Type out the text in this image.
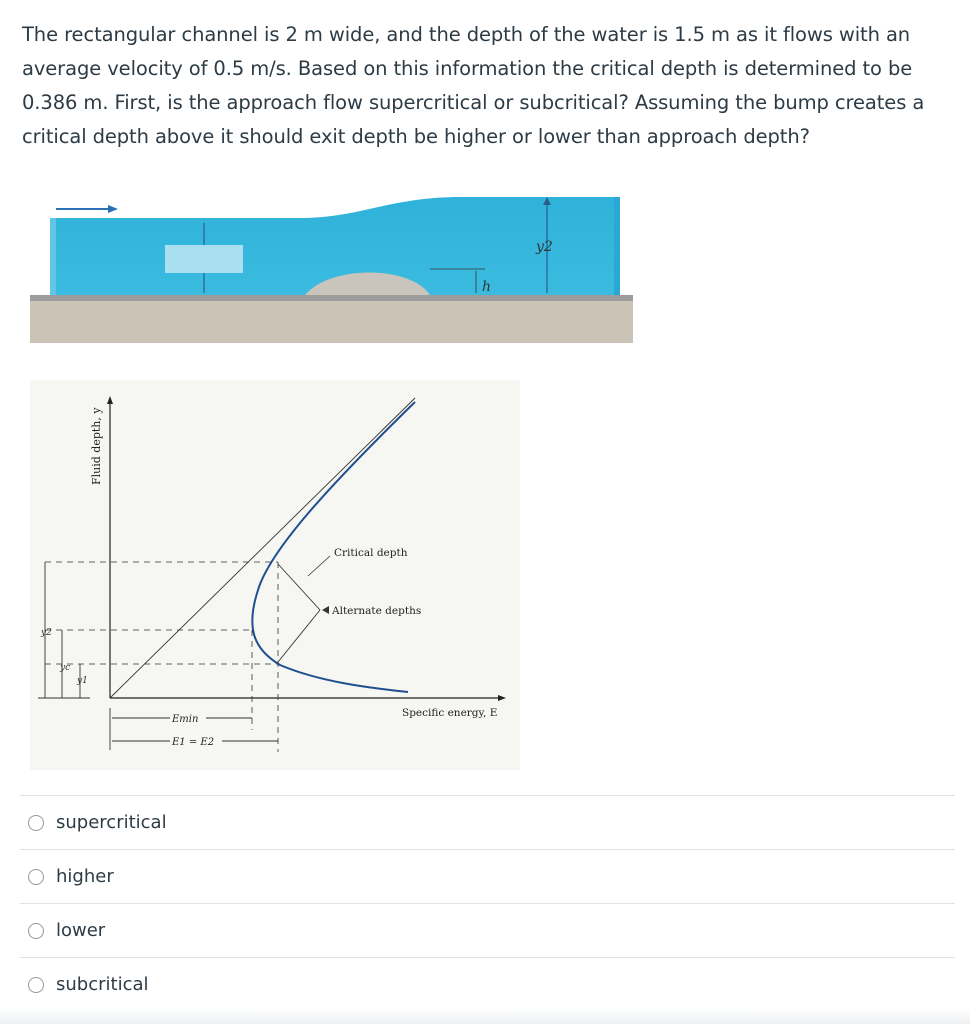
The rectangular channel is 2 m wide, and the depth of the water is 1.5 m as it flows with an average velocity of 0.5 m/s. Based on this information the critical depth is determined to be 0.386 m. First, is the approach flow supercritical or subcritical? Assuming the bump creates a critical depth above it should exit depth be higher or lower than approach depth?
h
y2
Fluid depth, y
Specific energy, E
Critical depth
Alternate depths
y2
yc
y1
Emin
E1 = E2
supercritical
higher
lower
subcritical
